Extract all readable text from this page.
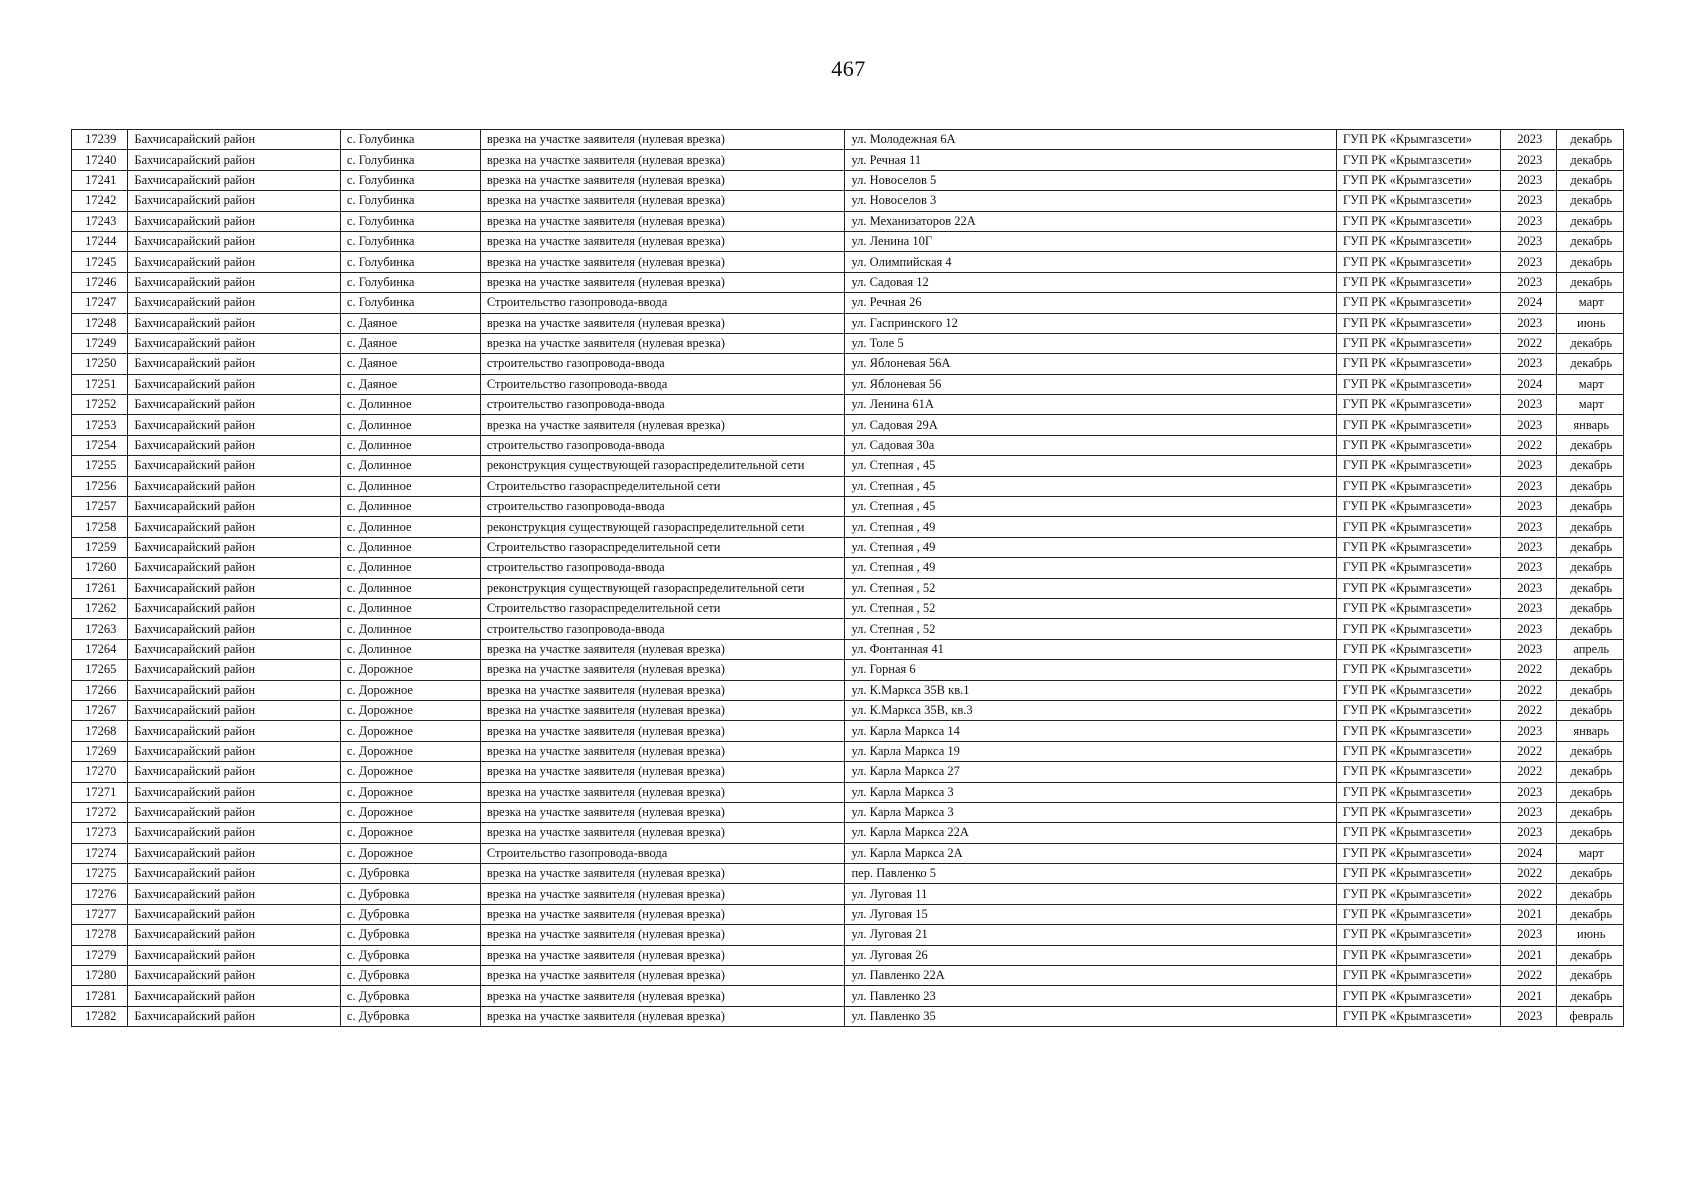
467
17239	Бахчисарайский район	с. Голубинка	врезка на участке заявителя (нулевая врезка)	ул. Молодежная 6А	ГУП РК «Крымгазсети»	2023	декабрь
17240	Бахчисарайский район	с. Голубинка	врезка на участке заявителя (нулевая врезка)	ул. Речная 11	ГУП РК «Крымгазсети»	2023	декабрь
17241	Бахчисарайский район	с. Голубинка	врезка на участке заявителя (нулевая врезка)	ул. Новоселов 5	ГУП РК «Крымгазсети»	2023	декабрь
17242	Бахчисарайский район	с. Голубинка	врезка на участке заявителя (нулевая врезка)	ул. Новоселов 3	ГУП РК «Крымгазсети»	2023	декабрь
17243	Бахчисарайский район	с. Голубинка	врезка на участке заявителя (нулевая врезка)	ул. Механизаторов 22А	ГУП РК «Крымгазсети»	2023	декабрь
17244	Бахчисарайский район	с. Голубинка	врезка на участке заявителя (нулевая врезка)	ул. Ленина 10Г	ГУП РК «Крымгазсети»	2023	декабрь
17245	Бахчисарайский район	с. Голубинка	врезка на участке заявителя (нулевая врезка)	ул. Олимпийская 4	ГУП РК «Крымгазсети»	2023	декабрь
17246	Бахчисарайский район	с. Голубинка	врезка на участке заявителя (нулевая врезка)	ул. Садовая 12	ГУП РК «Крымгазсети»	2023	декабрь
17247	Бахчисарайский район	с. Голубинка	Строительство газопровода-ввода	ул. Речная 26	ГУП РК «Крымгазсети»	2024	март
17248	Бахчисарайский район	с. Даяное	врезка на участке заявителя (нулевая врезка)	ул. Гаспринского 12	ГУП РК «Крымгазсети»	2023	июнь
17249	Бахчисарайский район	с. Даяное	врезка на участке заявителя (нулевая врезка)	ул. Толе 5	ГУП РК «Крымгазсети»	2022	декабрь
17250	Бахчисарайский район	с. Даяное	строительство газопровода-ввода	ул. Яблоневая 56А	ГУП РК «Крымгазсети»	2023	декабрь
17251	Бахчисарайский район	с. Даяное	Строительство газопровода-ввода	ул. Яблоневая 56	ГУП РК «Крымгазсети»	2024	март
17252	Бахчисарайский район	с. Долинное	строительство газопровода-ввода	ул. Ленина 61А	ГУП РК «Крымгазсети»	2023	март
17253	Бахчисарайский район	с. Долинное	врезка на участке заявителя (нулевая врезка)	ул. Садовая 29А	ГУП РК «Крымгазсети»	2023	январь
17254	Бахчисарайский район	с. Долинное	строительство газопровода-ввода	ул. Садовая 30а	ГУП РК «Крымгазсети»	2022	декабрь
17255	Бахчисарайский район	с. Долинное	реконструкция существующей газораспределительной сети	ул. Степная , 45	ГУП РК «Крымгазсети»	2023	декабрь
17256	Бахчисарайский район	с. Долинное	Строительство газораспределительной сети	ул. Степная , 45	ГУП РК «Крымгазсети»	2023	декабрь
17257	Бахчисарайский район	с. Долинное	строительство газопровода-ввода	ул. Степная , 45	ГУП РК «Крымгазсети»	2023	декабрь
17258	Бахчисарайский район	с. Долинное	реконструкция существующей газораспределительной сети	ул. Степная , 49	ГУП РК «Крымгазсети»	2023	декабрь
17259	Бахчисарайский район	с. Долинное	Строительство газораспределительной сети	ул. Степная , 49	ГУП РК «Крымгазсети»	2023	декабрь
17260	Бахчисарайский район	с. Долинное	строительство газопровода-ввода	ул. Степная , 49	ГУП РК «Крымгазсети»	2023	декабрь
17261	Бахчисарайский район	с. Долинное	реконструкция существующей газораспределительной сети	ул. Степная , 52	ГУП РК «Крымгазсети»	2023	декабрь
17262	Бахчисарайский район	с. Долинное	Строительство газораспределительной сети	ул. Степная , 52	ГУП РК «Крымгазсети»	2023	декабрь
17263	Бахчисарайский район	с. Долинное	строительство газопровода-ввода	ул. Степная , 52	ГУП РК «Крымгазсети»	2023	декабрь
17264	Бахчисарайский район	с. Долинное	врезка на участке заявителя (нулевая врезка)	ул. Фонтанная 41	ГУП РК «Крымгазсети»	2023	апрель
17265	Бахчисарайский район	с. Дорожное	врезка на участке заявителя (нулевая врезка)	ул. Горная 6	ГУП РК «Крымгазсети»	2022	декабрь
17266	Бахчисарайский район	с. Дорожное	врезка на участке заявителя (нулевая врезка)	ул. К.Маркса 35В кв.1	ГУП РК «Крымгазсети»	2022	декабрь
17267	Бахчисарайский район	с. Дорожное	врезка на участке заявителя (нулевая врезка)	ул. К.Маркса 35В, кв.3	ГУП РК «Крымгазсети»	2022	декабрь
17268	Бахчисарайский район	с. Дорожное	врезка на участке заявителя (нулевая врезка)	ул. Карла Маркса 14	ГУП РК «Крымгазсети»	2023	январь
17269	Бахчисарайский район	с. Дорожное	врезка на участке заявителя (нулевая врезка)	ул. Карла Маркса 19	ГУП РК «Крымгазсети»	2022	декабрь
17270	Бахчисарайский район	с. Дорожное	врезка на участке заявителя (нулевая врезка)	ул. Карла Маркса 27	ГУП РК «Крымгазсети»	2022	декабрь
17271	Бахчисарайский район	с. Дорожное	врезка на участке заявителя (нулевая врезка)	ул. Карла Маркса 3	ГУП РК «Крымгазсети»	2023	декабрь
17272	Бахчисарайский район	с. Дорожное	врезка на участке заявителя (нулевая врезка)	ул. Карла Маркса 3	ГУП РК «Крымгазсети»	2023	декабрь
17273	Бахчисарайский район	с. Дорожное	врезка на участке заявителя (нулевая врезка)	ул. Карла Маркса 22А	ГУП РК «Крымгазсети»	2023	декабрь
17274	Бахчисарайский район	с. Дорожное	Строительство газопровода-ввода	ул. Карла Маркса 2А	ГУП РК «Крымгазсети»	2024	март
17275	Бахчисарайский район	с. Дубровка	врезка на участке заявителя (нулевая врезка)	пер. Павленко 5	ГУП РК «Крымгазсети»	2022	декабрь
17276	Бахчисарайский район	с. Дубровка	врезка на участке заявителя (нулевая врезка)	ул. Луговая 11	ГУП РК «Крымгазсети»	2022	декабрь
17277	Бахчисарайский район	с. Дубровка	врезка на участке заявителя (нулевая врезка)	ул. Луговая 15	ГУП РК «Крымгазсети»	2021	декабрь
17278	Бахчисарайский район	с. Дубровка	врезка на участке заявителя (нулевая врезка)	ул. Луговая 21	ГУП РК «Крымгазсети»	2023	июнь
17279	Бахчисарайский район	с. Дубровка	врезка на участке заявителя (нулевая врезка)	ул. Луговая 26	ГУП РК «Крымгазсети»	2021	декабрь
17280	Бахчисарайский район	с. Дубровка	врезка на участке заявителя (нулевая врезка)	ул. Павленко 22А	ГУП РК «Крымгазсети»	2022	декабрь
17281	Бахчисарайский район	с. Дубровка	врезка на участке заявителя (нулевая врезка)	ул. Павленко 23	ГУП РК «Крымгазсети»	2021	декабрь
17282	Бахчисарайский район	с. Дубровка	врезка на участке заявителя (нулевая врезка)	ул. Павленко 35	ГУП РК «Крымгазсети»	2023	февраль
